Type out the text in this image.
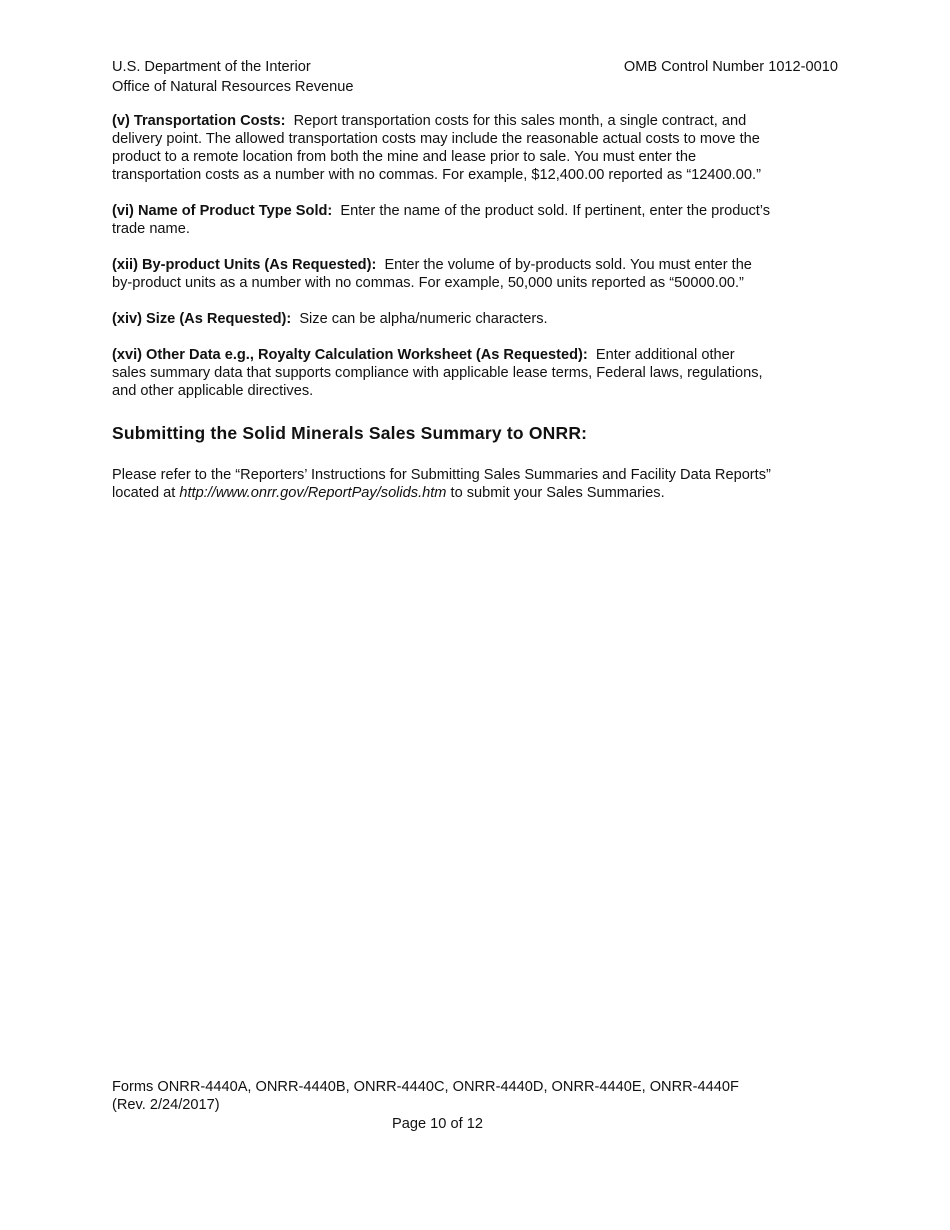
U.S. Department of the Interior
Office of Natural Resources Revenue
OMB Control Number 1012-0010

(v) Transportation Costs: Report transportation costs for this sales month, a single contract, and delivery point. The allowed transportation costs may include the reasonable actual costs to move the product to a remote location from both the mine and lease prior to sale. You must enter the transportation costs as a number with no commas. For example, $12,400.00 reported as “12400.00.”

(vi) Name of Product Type Sold: Enter the name of the product sold. If pertinent, enter the product’s trade name.

(xii) By-product Units (As Requested): Enter the volume of by-products sold. You must enter the by-product units as a number with no commas. For example, 50,000 units reported as “50000.00.”

(xiv) Size (As Requested): Size can be alpha/numeric characters.

(xvi) Other Data e.g., Royalty Calculation Worksheet (As Requested): Enter additional other sales summary data that supports compliance with applicable lease terms, Federal laws, regulations, and other applicable directives.

Submitting the Solid Minerals Sales Summary to ONRR:

Please refer to the “Reporters’ Instructions for Submitting Sales Summaries and Facility Data Reports” located at http://www.onrr.gov/ReportPay/solids.htm to submit your Sales Summaries.

Forms ONRR-4440A, ONRR-4440B, ONRR-4440C, ONRR-4440D, ONRR-4440E, ONRR-4440F (Rev. 2/24/2017)
Page 10 of 12
